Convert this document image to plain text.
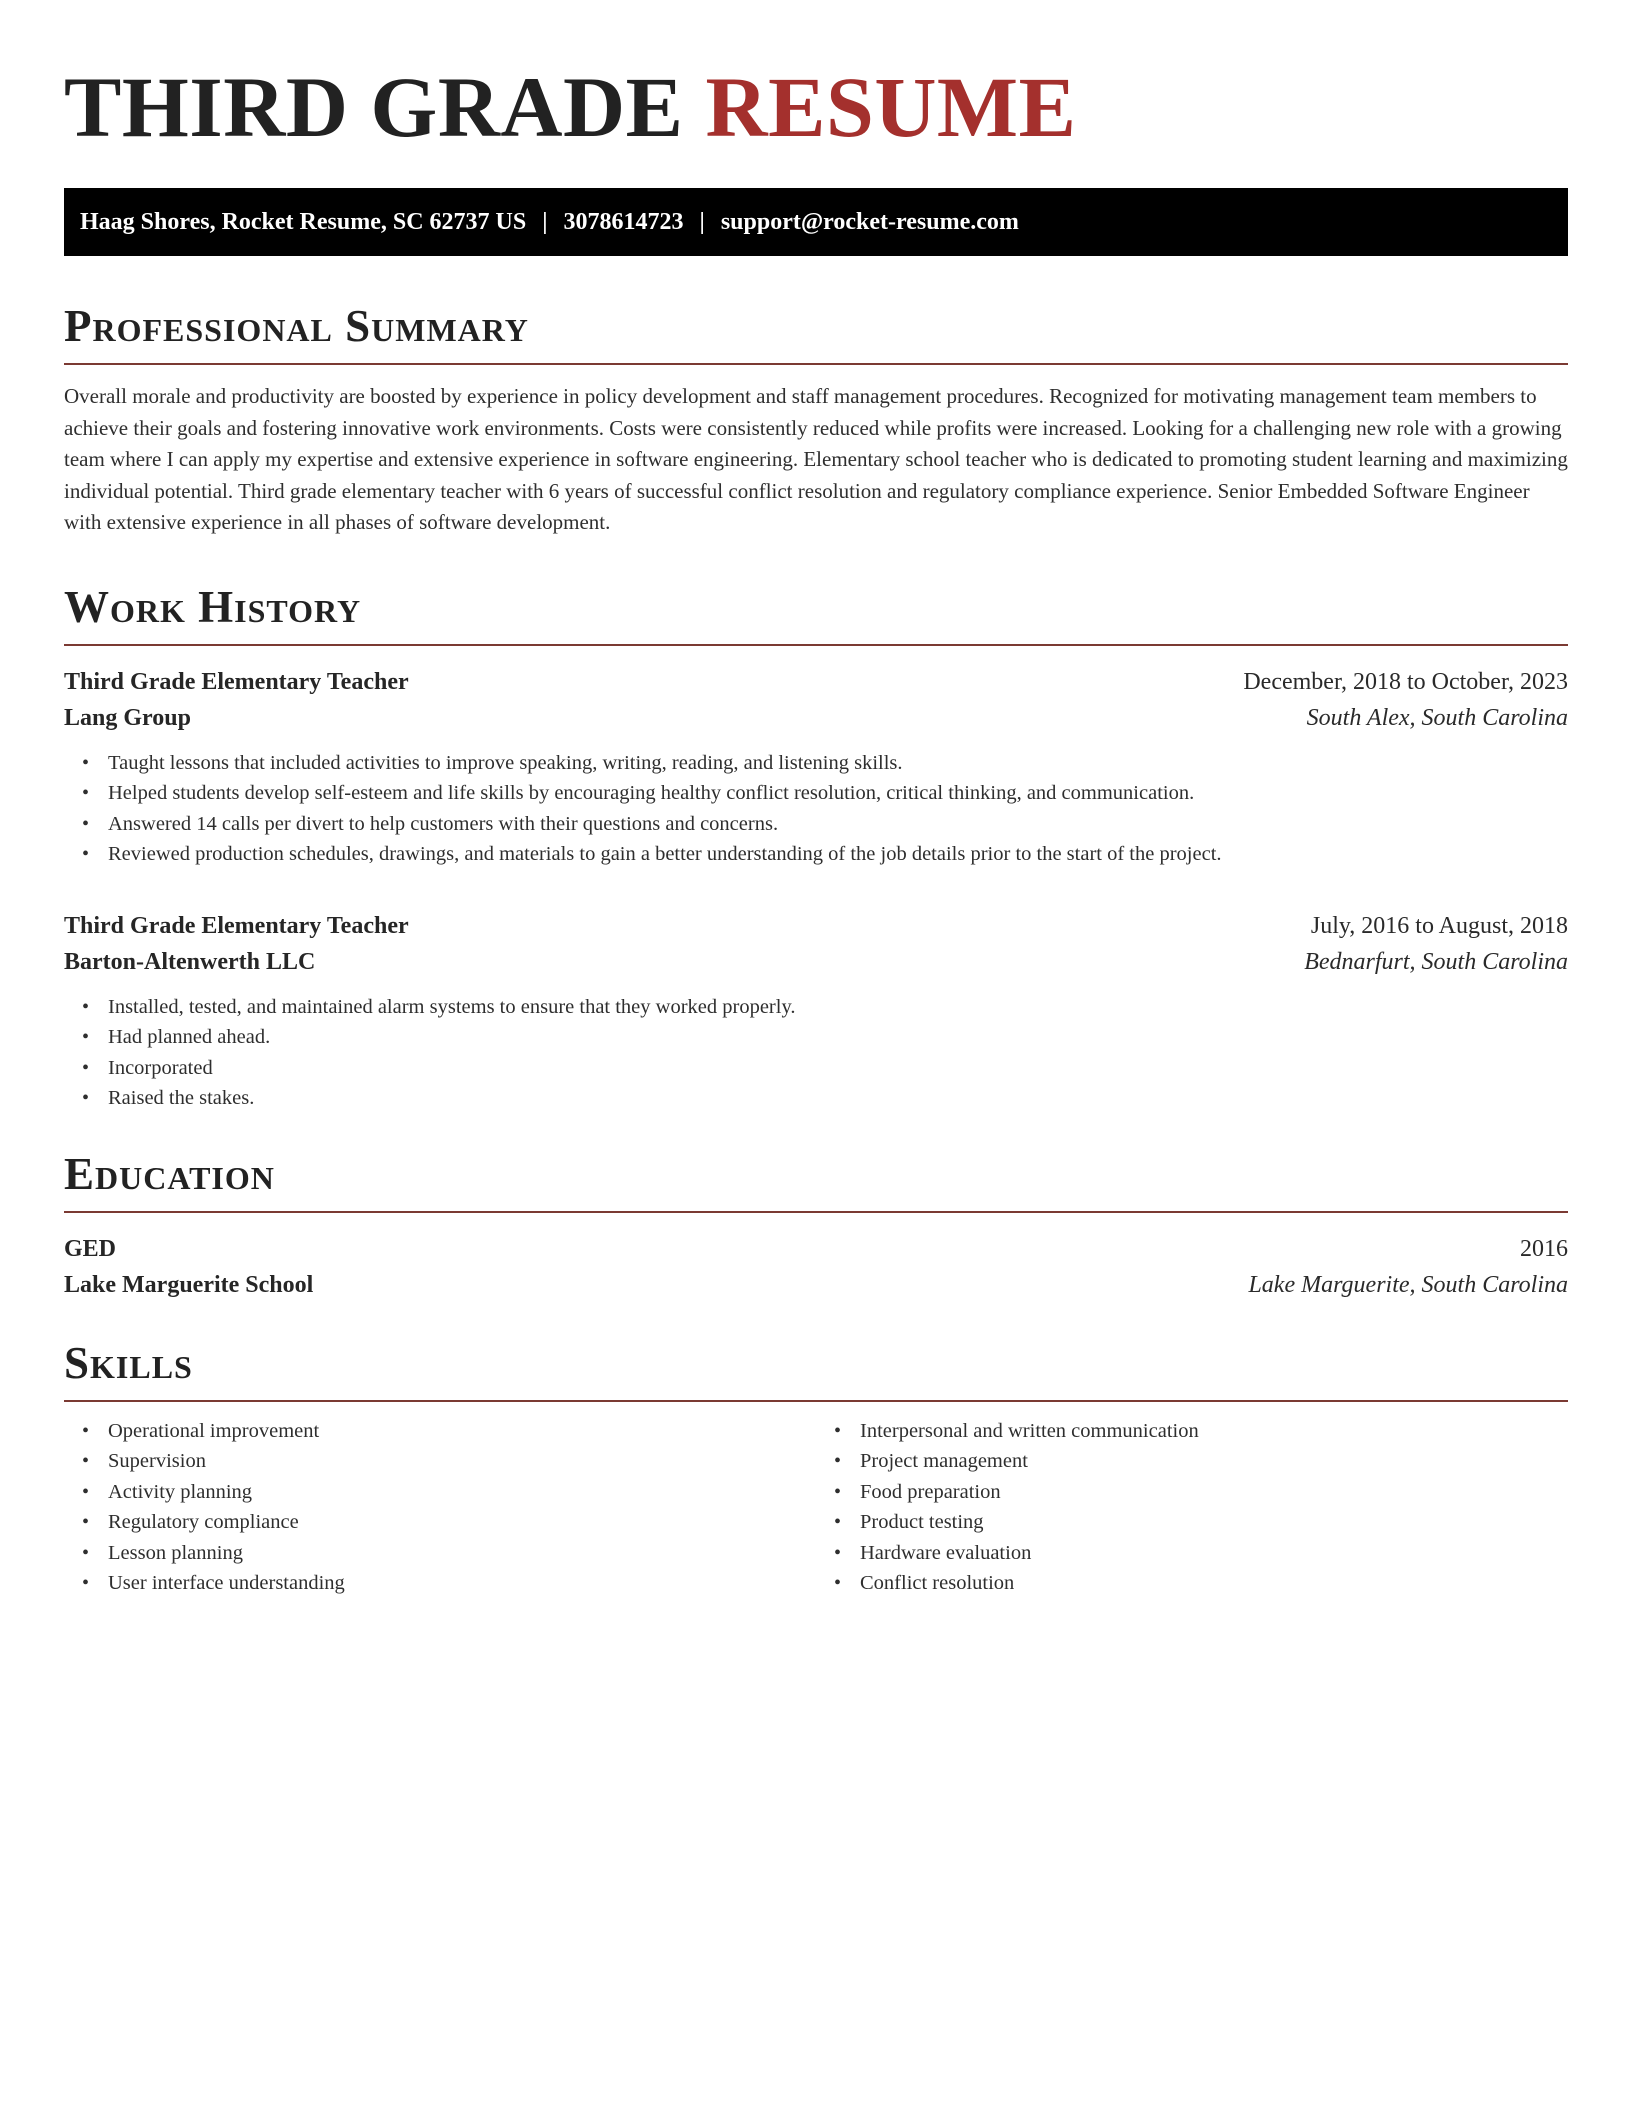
THIRD GRADE RESUME
Haag Shores, Rocket Resume, SC 62737 US | 3078614723 | support@rocket-resume.com
Professional Summary

Overall morale and productivity are boosted by experience in policy development and staff management procedures. Recognized for motivating management team members to achieve their goals and fostering innovative work environments. Costs were consistently reduced while profits were increased. Looking for a challenging new role with a growing team where I can apply my expertise and extensive experience in software engineering. Elementary school teacher who is dedicated to promoting student learning and maximizing individual potential. Third grade elementary teacher with 6 years of successful conflict resolution and regulatory compliance experience. Senior Embedded Software Engineer with extensive experience in all phases of software development.

Work History
Third Grade Elementary Teacher	December, 2018 to October, 2023
Lang Group	South Alex, South Carolina
• Taught lessons that included activities to improve speaking, writing, reading, and listening skills.
• Helped students develop self-esteem and life skills by encouraging healthy conflict resolution, critical thinking, and communication.
• Answered 14 calls per divert to help customers with their questions and concerns.
• Reviewed production schedules, drawings, and materials to gain a better understanding of the job details prior to the start of the project.
Third Grade Elementary Teacher	July, 2016 to August, 2018
Barton-Altenwerth LLC	Bednarfurt, South Carolina
• Installed, tested, and maintained alarm systems to ensure that they worked properly.
• Had planned ahead.
• Incorporated
• Raised the stakes.
Education
GED	2016
Lake Marguerite School	Lake Marguerite, South Carolina
Skills
• Operational improvement
• Supervision
• Activity planning
• Regulatory compliance
• Lesson planning
• User interface understanding
• Interpersonal and written communication
• Project management
• Food preparation
• Product testing
• Hardware evaluation
• Conflict resolution
